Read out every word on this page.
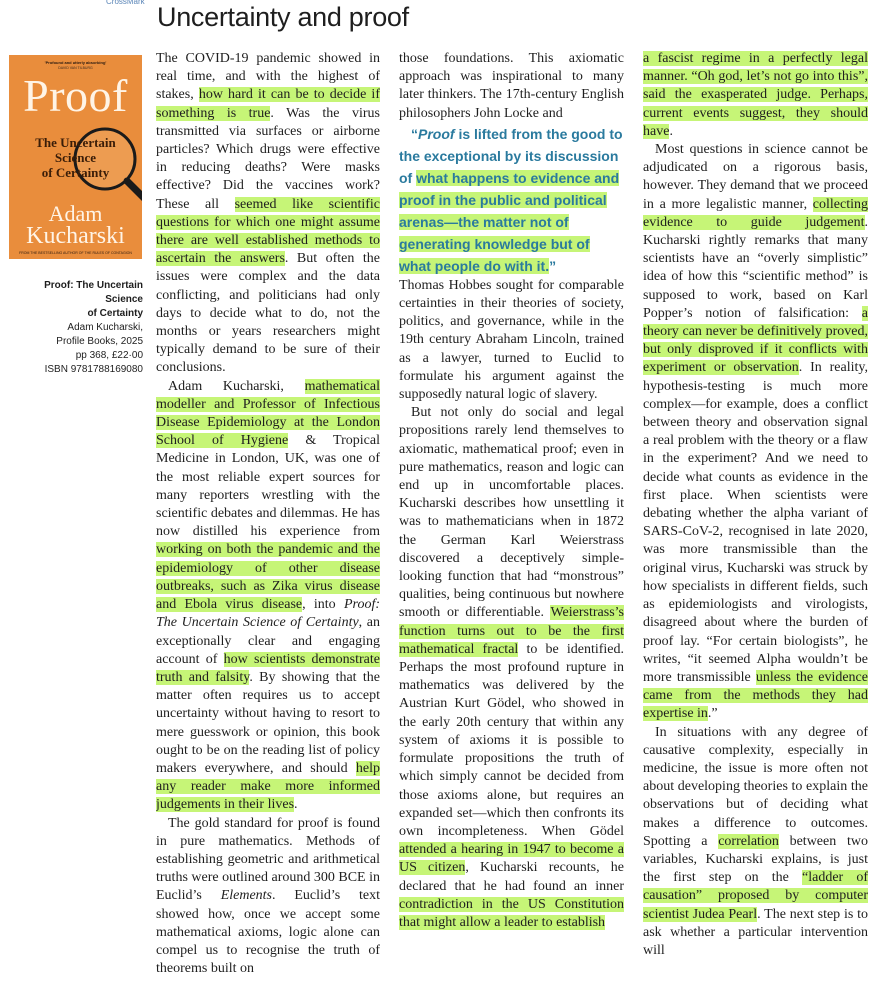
CrossMark
Uncertainty and proof
'Profound and utterly absorbing'
DAVID VAN TILBURG
Proof
The Uncertain
Science
of Certainty
Adam
Kucharski
FROM THE BESTSELLING AUTHOR OF THE RULES OF CONTAGION
Proof: The Uncertain Science
of Certainty
Adam Kucharski,
Profile Books, 2025
pp 368, £22·00
ISBN 9781788169080

The COVID-19 pandemic showed in real time, and with the highest of stakes, how hard it can be to decide if something is true. Was the virus transmitted via surfaces or airborne particles? Which drugs were effective in reducing deaths? Were masks effective? Did the vaccines work? These all seemed like scientific questions for which one might assume there are well established methods to ascertain the answers. But often the issues were complex and the data conflicting, and politicians had only days to decide what to do, not the months or years researchers might typically demand to be sure of their conclusions.

Adam Kucharski, mathematical modeller and Professor of Infectious Disease Epidemiology at the London School of Hygiene & Tropical Medicine in London, UK, was one of the most reliable expert sources for many reporters wrestling with the scientific debates and dilemmas. He has now distilled his experience from working on both the pandemic and the epidemiology of other disease outbreaks, such as Zika virus disease and Ebola virus disease, into Proof: The Uncertain Science of Certainty, an exceptionally clear and engaging account of how scientists demonstrate truth and falsity. By showing that the matter often requires us to accept uncertainty without having to resort to mere guesswork or opinion, this book ought to be on the reading list of policy makers everywhere, and should help any reader make more informed judgements in their lives.

The gold standard for proof is found in pure mathematics. Methods of establishing geometric and arithmetical truths were outlined around 300 BCE in Euclid’s Elements. Euclid’s text showed how, once we accept some mathematical axioms, logic alone can compel us to recognise the truth of theorems built on

those foundations. This axiomatic approach was inspirational to many later thinkers. The 17th-century English philosophers John Locke and

“Proof is lifted from the good to the exceptional by its discussion of what happens to evidence and proof in the public and political arenas—the matter not of generating knowledge but of what people do with it.”

Thomas Hobbes sought for comparable certainties in their theories of society, politics, and governance, while in the 19th century Abraham Lincoln, trained as a lawyer, turned to Euclid to formulate his argument against the supposedly natural logic of slavery.

But not only do social and legal propositions rarely lend themselves to axiomatic, mathematical proof; even in pure mathematics, reason and logic can end up in uncomfortable places. Kucharski describes how unsettling it was to mathematicians when in 1872 the German Karl Weierstrass discovered a deceptively simple-looking function that had “monstrous” qualities, being continuous but nowhere smooth or differentiable. Weierstrass’s function turns out to be the first mathematical fractal to be identified. Perhaps the most profound rupture in mathematics was delivered by the Austrian Kurt Gödel, who showed in the early 20th century that within any system of axioms it is possible to formulate propositions the truth of which simply cannot be decided from those axioms alone, but requires an expanded set—which then confronts its own incompleteness. When Gödel attended a hearing in 1947 to become a US citizen, Kucharski recounts, he declared that he had found an inner contradiction in the US Constitution that might allow a leader to establish

a fascist regime in a perfectly legal manner. “Oh god, let’s not go into this”, said the exasperated judge. Perhaps, current events suggest, they should have.

Most questions in science cannot be adjudicated on a rigorous basis, however. They demand that we proceed in a more legalistic manner, collecting evidence to guide judgement. Kucharski rightly remarks that many scientists have an “overly simplistic” idea of how this “scientific method” is supposed to work, based on Karl Popper’s notion of falsification: a theory can never be definitively proved, but only disproved if it conflicts with experiment or observation. In reality, hypothesis-testing is much more complex—for example, does a conflict between theory and observation signal a real problem with the theory or a flaw in the experiment? And we need to decide what counts as evidence in the first place. When scientists were debating whether the alpha variant of SARS-CoV-2, recognised in late 2020, was more transmissible than the original virus, Kucharski was struck by how specialists in different fields, such as epidemiologists and virologists, disagreed about where the burden of proof lay. “For certain biologists”, he writes, “it seemed Alpha wouldn’t be more transmissible unless the evidence came from the methods they had expertise in.”

In situations with any degree of causative complexity, especially in medicine, the issue is more often not about developing theories to explain the observations but of deciding what makes a difference to outcomes. Spotting a correlation between two variables, Kucharski explains, is just the first step on the “ladder of causation” proposed by computer scientist Judea Pearl. The next step is to ask whether a particular intervention will
